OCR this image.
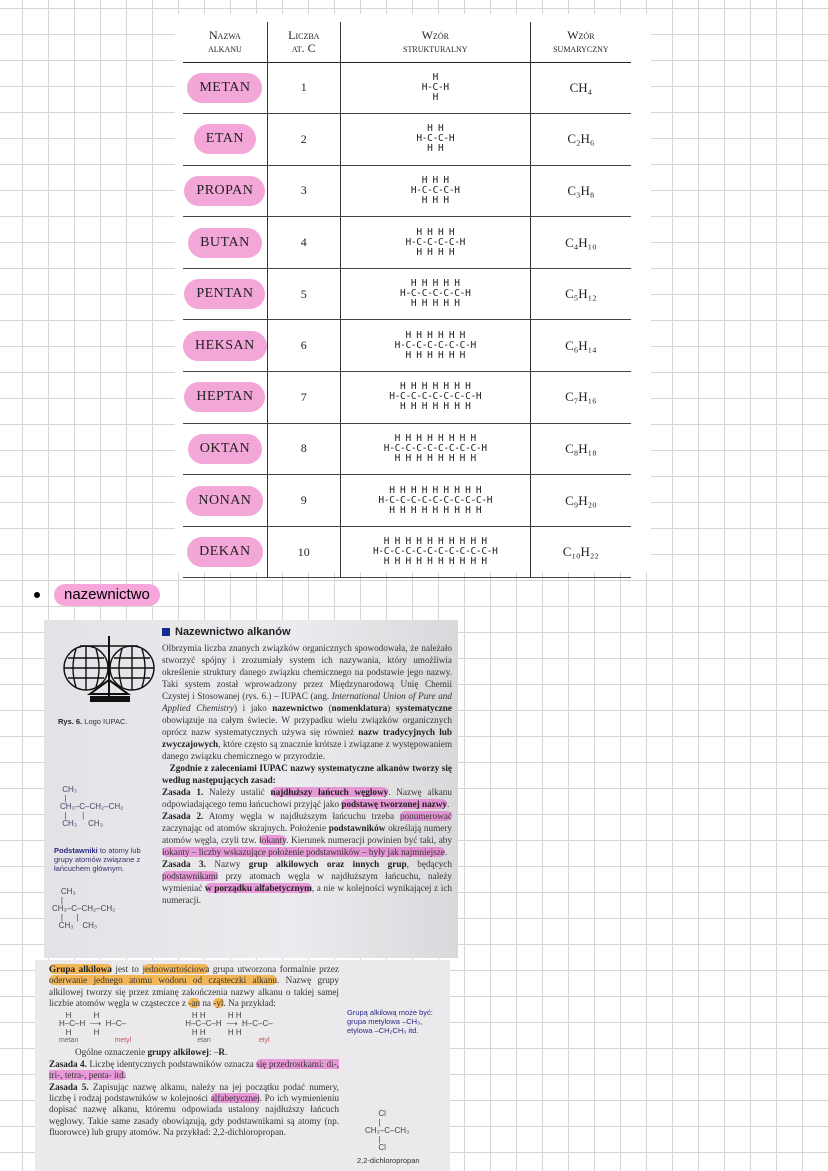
Nazwa
alkanu	Liczba
at. C	Wzór
strukturalny	Wzór
sumaryczny
METAN	1	H
H-C-H
H	CH₄
ETAN	2	H H
H-C-C-H
H H	C₂H₆
PROPAN	3	H H H
H-C-C-C-H
H H H	C₃H₈
BUTAN	4	H H H H
H-C-C-C-C-H
H H H H	C₄H₁₀
PENTAN	5	H H H H H
H-C-C-C-C-C-H
H H H H H	C₅H₁₂
HEKSAN	6	H H H H H H
H-C-C-C-C-C-C-H
H H H H H H	C₆H₁₄
HEPTAN	7	H H H H H H H
H-C-C-C-C-C-C-C-H
H H H H H H H	C₇H₁₆
OKTAN	8	H H H H H H H H
H-C-C-C-C-C-C-C-C-H
H H H H H H H H	C₈H₁₈
NONAN	9	H H H H H H H H H
H-C-C-C-C-C-C-C-C-C-H
H H H H H H H H H	C₉H₂₀
DEKAN	10	H H H H H H H H H H
H-C-C-C-C-C-C-C-C-C-C-H
H H H H H H H H H H	C₁₀H₂₂
nazewnictwo
Rys. 6. Logo IUPAC.
CH₃
|
CH₃–C–CH₂–CH₂
|       |
CH₃     CH₃
Podstawniki to atomy lub grupy atomów związane z łańcuchem głównym.
CH₃
|
CH₃–C–CH₂–CH₂
|      |
CH₃    CH₃
Nazewnictwo alkanów

Olbrzymia liczba znanych związków organicznych spowodowała, że należało stworzyć spójny i zrozumiały system ich nazywania, który umożliwia określenie struktury danego związku chemicznego na podstawie jego nazwy. Taki system został wprowadzony przez Międzynarodową Unię Chemii Czystej i Stosowanej (rys. 6.) – IUPAC (ang. International Union of Pure and Applied Chemistry) i jako nazewnictwo (nomenklatura) systematyczne obowiązuje na całym świecie. W przypadku wielu związków organicznych oprócz nazw systematycznych używa się również nazw tradycyjnych lub zwyczajowych, które często są znacznie krótsze i związane z występowaniem danego związku chemicznego w przyrodzie.

Zgodnie z zaleceniami IUPAC nazwy systematyczne alkanów tworzy się według następujących zasad:

Zasada 1. Należy ustalić najdłuższy łańcuch węglowy. Nazwę alkanu odpowiadającego temu łańcuchowi przyjąć jako podstawę tworzonej nazwy.

Zasada 2. Atomy węgla w najdłuższym łańcuchu trzeba ponumerować zaczynając od atomów skrajnych. Położenie podstawników określają numery atomów węgla, czyli tzw. lokanty. Kierunek numeracji powinien być taki, aby lokanty – liczby wskazujące położenie podstawników – były jak najmniejsze.

Zasada 3. Nazwy grup alkilowych oraz innych grup, będących podstawnikami przy atomach węgla w najdłuższym łańcuchu, należy wymieniać w porządku alfabetycznym, a nie w kolejności wynikającej z ich numeracji.

Grupa alkilowa jest to jednowartościowa grupa utworzona formalnie przez oderwanie jednego atomu wodoru od cząsteczki alkanu. Nazwę grupy alkilowej tworzy się przez zmianę zakończenia nazwy alkanu o takiej samej liczbie atomów węgla w cząsteczce z -an na -yl. Na przykład:

H          H
H–C–H  ⟶  H–C–
H          H
metan	metyl

H H          H H
H–C–C–H  ⟶  H–C–C–
H H          H H
etan	etyl
Ogólne oznaczenie grupy alkilowej: –R.

Zasada 4. Liczbę identycznych podstawników oznacza się przedrostkami: di-, tri-, tetra-, penta- itd.

Zasada 5. Zapisując nazwę alkanu, należy na jej początku podać numery, liczbę i rodzaj podstawników w kolejności alfabetycznej. Po ich wymienieniu dopisać nazwę alkanu, któremu odpowiada ustalony najdłuższy łańcuch węglowy. Takie same zasady obowiązują, gdy podstawnikami są atomy (np. fluorowce) lub grupy atomów. Na przykład: 2,2-dichloropropan.

Grupą alkilową może być: grupa metylowa –CH₃, etylowa –CH₂CH₃ itd.
Cl
|
CH₃–C–CH₃
|
Cl
2,2-dichloropropan
